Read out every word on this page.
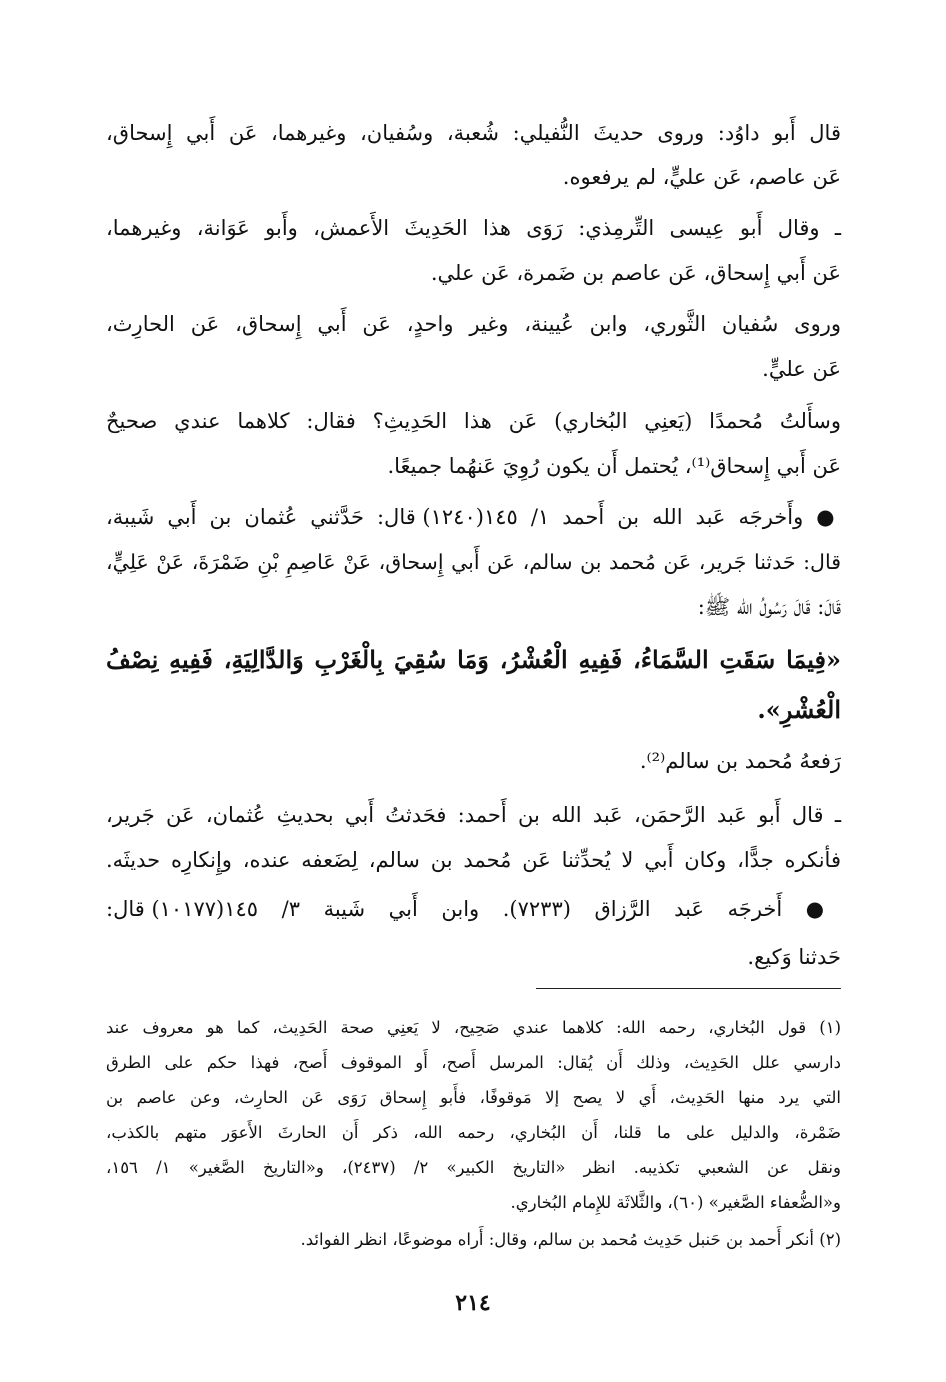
قال أَبو داوُد: وروى حديثَ النُّفيلي: شُعبة، وسُفيان، وغيرهما، عَن أَبي إِسحاق،
عَن عاصم، عَن عليٍّ، لم يرفعوه.
ـ وقال أَبو عِيسى التِّرمِذي: رَوَى هذا الحَدِيثَ الأَعمش، وأَبو عَوَانة، وغيرهما،
عَن أَبي إِسحاق، عَن عاصم بن ضَمرة، عَن علي.
وروى سُفيان الثَّوري، وابن عُيينة، وغير واحدٍ، عَن أَبي إِسحاق، عَن الحارِث،
عَن عليٍّ.
وسأَلتُ مُحمدًا (يَعنِي البُخاري) عَن هذا الحَدِيثِ؟ فقال: كلاهما عندي صحيحٌ
عَن أَبي إِسحاق⁽¹⁾، يُحتمل أَن يكون رُوِيَ عَنهُما جميعًا.
● وأَخرجَه عَبد الله بن أَحمد ١/ ١٤٥(١٢٤٠) قال: حَدَّثني عُثمان بن أَبي شَيبة،
قال: حَدثنا جَرير، عَن مُحمد بن سالم، عَن أَبي إِسحاق، عَنْ عَاصِمِ بْنِ ضَمْرَةَ، عَنْ عَلِيٍّ،
قَالَ: قَالَ رَسُولُ الله ﷺ:
«فِيمَا سَقَتِ السَّمَاءُ، فَفِيهِ الْعُشْرُ، وَمَا سُقِيَ بِالْغَرْبِ وَالدَّالِيَةِ، فَفِيهِ نِصْفُ
الْعُشْرِ».
رَفعهُ مُحمد بن سالم⁽²⁾.
ـ قال أَبو عَبد الرَّحمَن، عَبد الله بن أَحمد: فحَدثتُ أَبي بحديثِ عُثمان، عَن جَرير،
فأنكره جدًّا، وكان أَبي لا يُحدِّثنا عَن مُحمد بن سالم، لِضَعفه عنده، وإِنكارِه حديثَه.
● أَخرجَه عَبد الرَّزاق (٧٢٣٣). وابن أَبي شَيبة ٣/ ١٤٥(١٠١٧٧) قال:
حَدثنا وَكيع.
(١) قول البُخاري، رحمه الله: كلاهما عندي صَحِيح، لا يَعنِي صحة الحَدِيث، كما هو معروف عند
دارسي علل الحَدِيث، وذلك أَن يُقال: المرسل أَصح، أَو الموقوف أَصح، فهذا حكم على الطرق
التي يرد منها الحَدِيث، أَي لا يصح إلا مَوقوفًا، فأَبو إِسحاق رَوَى عَن الحارِث، وعن عاصم بن
ضَمْرة، والدليل على ما قلنا، أَن البُخاري، رحمه الله، ذكر أَن الحارثَ الأَعوَر متهم بالكذب،
ونقل عن الشعبي تكذيبه. انظر «التاريخ الكبير» ٢/ (٢٤٣٧)، و«التاريخ الصَّغير» ١/ ١٥٦،
و«الضُّعفاء الصَّغير» (٦٠)، والثَّلاثَة للإِمام البُخاري.
(٢) أنكر أَحمد بن حَنبل حَدِيث مُحمد بن سالم، وقال: أَراه موضوعًا، انظر الفوائد.
٢١٤
